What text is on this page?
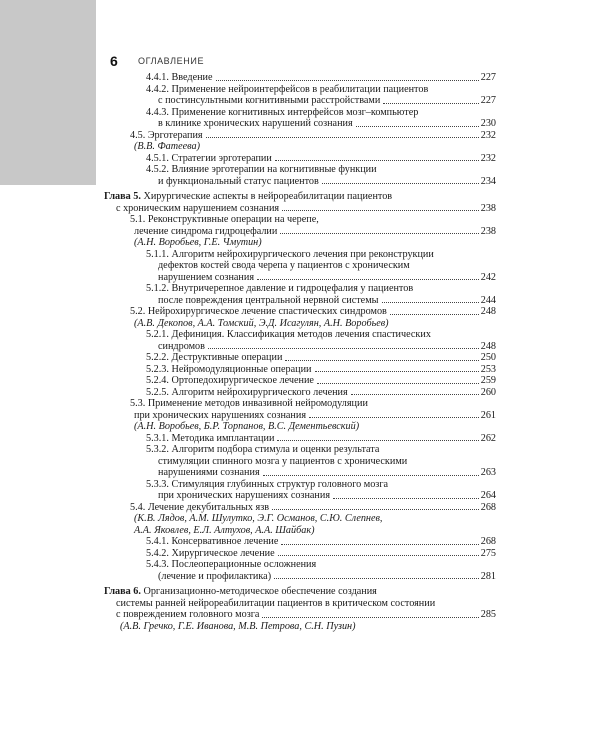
6 ОГЛАВЛЕНИЕ
4.4.1. Введение	227
4.4.2. Применение нейроинтерфейсов в реабилитации пациентов
с постинсультными когнитивными расстройствами	227
4.4.3. Применение когнитивных интерфейсов мозг–компьютер
в клинике хронических нарушений сознания	230
4.5. Эрготерапия	232
(В.В. Фатеева)
4.5.1. Стратегии эрготерапии	232
4.5.2. Влияние эрготерапии на когнитивные функции
и функциональный статус пациентов	234
Глава 5. Хирургические аспекты в нейрореабилитации пациентов
с хроническим нарушением сознания	238
5.1. Реконструктивные операции на черепе,
лечение синдрома гидроцефалии	238
(А.Н. Воробьев, Г.Е. Чмутин)
5.1.1. Алгоритм нейрохирургического лечения при реконструкции
дефектов костей свода черепа у пациентов с хроническим
нарушением сознания	242
5.1.2. Внутричерепное давление и гидроцефалия у пациентов
после повреждения центральной нервной системы	244
5.2. Нейрохирургическое лечение спастических синдромов	248
(А.В. Декопов, А.А. Томский, Э.Д. Исагулян, А.Н. Воробьев)
5.2.1. Дефиниция. Классификация методов лечения спастических
синдромов	248
5.2.2. Деструктивные операции	250
5.2.3. Нейромодуляционные операции	253
5.2.4. Ортопедохирургическое лечение	259
5.2.5. Алгоритм нейрохирургического лечения	260
5.3. Применение методов инвазивной нейромодуляции
при хронических нарушениях сознания	261
(А.Н. Воробьев, Б.Р. Торпанов, В.С. Дементьевский)
5.3.1. Методика имплантации	262
5.3.2. Алгоритм подбора стимула и оценки результата
стимуляции спинного мозга у пациентов с хроническими
нарушениями сознания	263
5.3.3. Стимуляция глубинных структур головного мозга
при хронических нарушениях сознания	264
5.4. Лечение декубитальных язв	268
(К.В. Лядов, А.М. Шулутко, Э.Г. Османов, С.Ю. Слепнев,
А.А. Яковлев, Е.Л. Алтухов, А.А. Шайбак)
5.4.1. Консервативное лечение	268
5.4.2. Хирургическое лечение	275
5.4.3. Послеоперационные осложнения
(лечение и профилактика)	281
Глава 6. Организационно-методическое обеспечение создания
системы ранней нейрореабилитации пациентов в критическом состоянии
с повреждением головного мозга	285
(А.В. Гречко, Г.Е. Иванова, М.В. Петрова, С.Н. Пузин)
